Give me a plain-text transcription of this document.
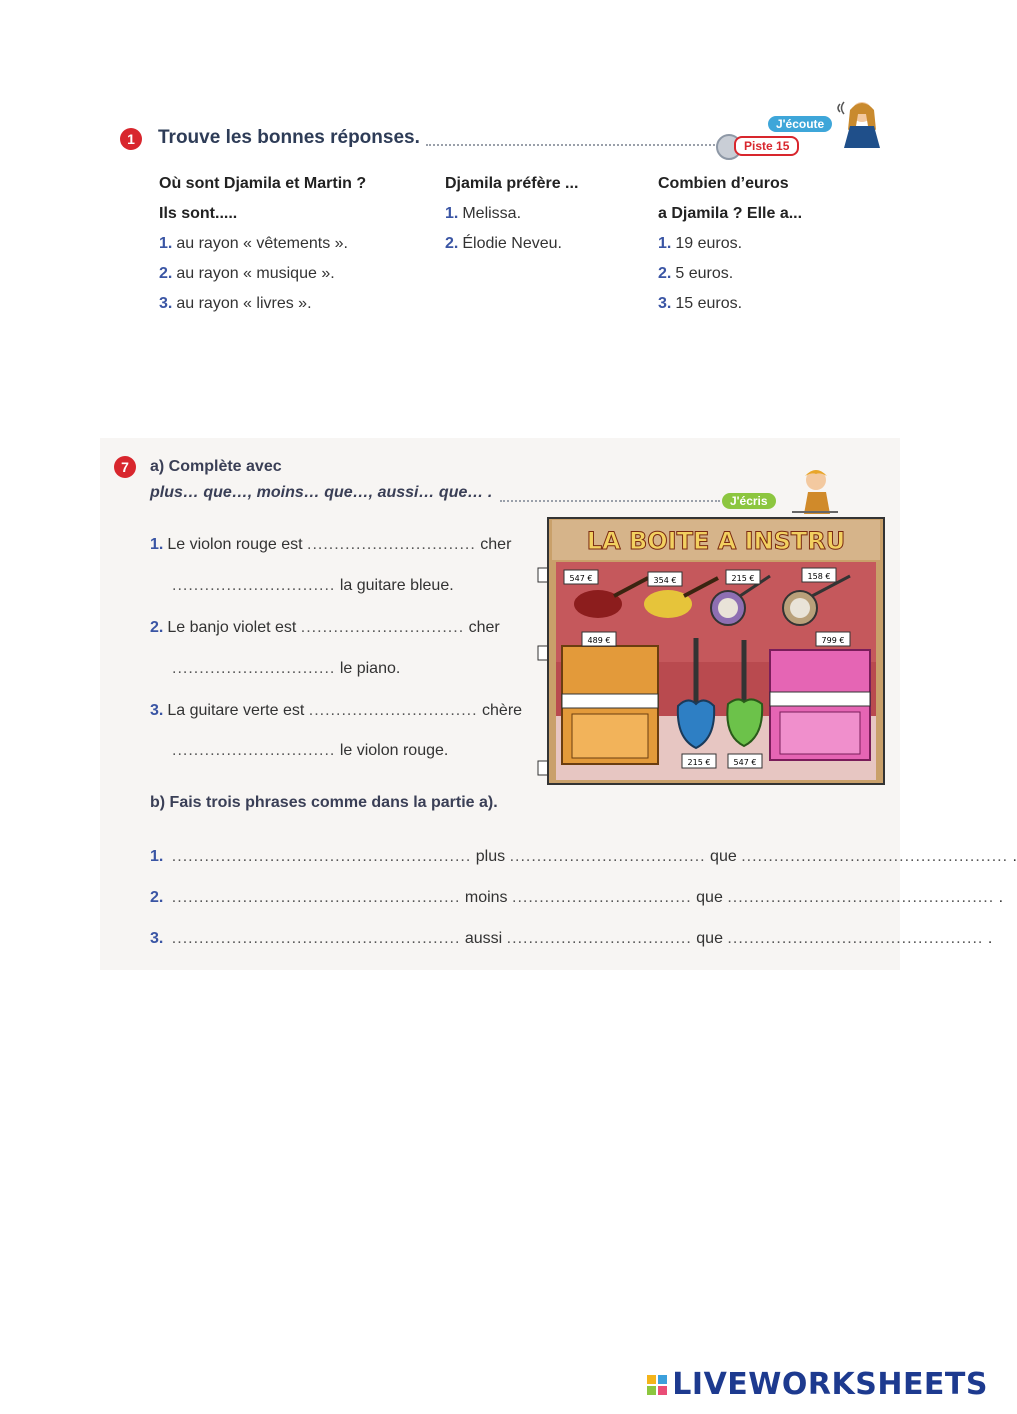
1	Trouve les bonnes réponses.
J'écoute
Piste 15
Où sont Djamila et Martin ?
Ils sont.....
1. au rayon « vêtements ».
2. au rayon « musique ».
3. au rayon « livres ».
Djamila préfère ...
1. Melissa.
2. Élodie Neveu.
Combien d’euros
a Djamila ? Elle a...
1. 19 euros.
2. 5 euros.
3. 15 euros.
7	a) Complète avec
plus… que…, moins… que…, aussi… que… .	J'écris
1. Le violon rouge est ............................... cher
.............................. la guitare bleue.
2. Le banjo violet est .............................. cher
.............................. le piano.
3. La guitare verte est ............................... chère
.............................. le violon rouge.
LA BOITE A INSTRU
547 €	354 €	215 €	158 €
489 €	799 €
215 €	547 €
b) Fais trois phrases comme dans la partie a).
1. ....................................................... plus .................................... que ................................................. .
2. ..................................................... moins ................................. que ................................................. .
3. ..................................................... aussi .................................. que ............................................... .
LIVEWORKSHEETS
